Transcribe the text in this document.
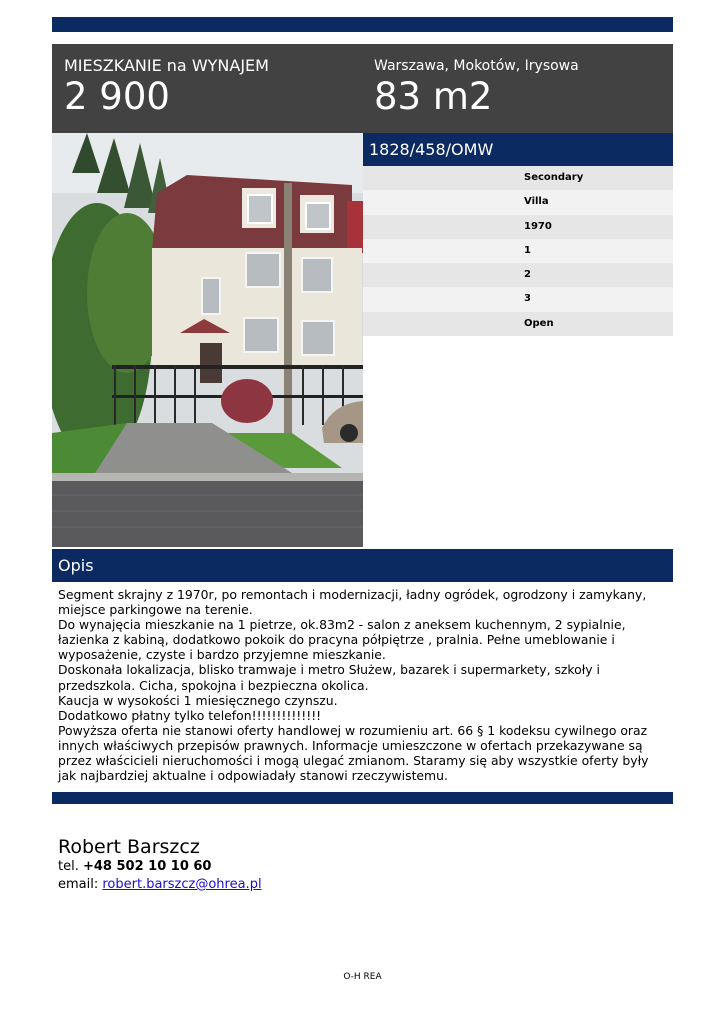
MIESZKANIE na WYNAJEM
2 900
Warszawa, Mokotów, Irysowa
83 m2
1828/458/OMW
Secondary
Villa
1970
1
2
3
Open
Opis

Segment skrajny z 1970r, po remontach i modernizacji, ładny ogródek, ogrodzony i zamykany, miejsce parkingowe na terenie.

Do wynajęcia mieszkanie na 1 pietrze, ok.83m2 - salon z aneksem kuchennym, 2 sypialnie, łazienka z kabiną, dodatkowo pokoik do pracyna półpiętrze , pralnia. Pełne umeblowanie i wyposażenie, czyste i bardzo przyjemne mieszkanie.

Doskonała lokalizacja, blisko tramwaje i metro Służew, bazarek i supermarkety, szkoły i przedszkola. Cicha, spokojna i bezpieczna okolica.

Kaucja w wysokości 1 miesięcznego czynszu.

Dodatkowo płatny tylko telefon!!!!!!!!!!!!!!

Powyższa oferta nie stanowi oferty handlowej w rozumieniu art. 66 § 1 kodeksu cywilnego oraz innych właściwych przepisów prawnych. Informacje umieszczone w ofertach przekazywane są przez właścicieli nieruchomości i mogą ulegać zmianom. Staramy się aby wszystkie oferty były jak najbardziej aktualne i odpowiadały stanowi rzeczywistemu.

Robert Barszcz
tel. +48 502 10 10 60
email: robert.barszcz@ohrea.pl
O-H REA
